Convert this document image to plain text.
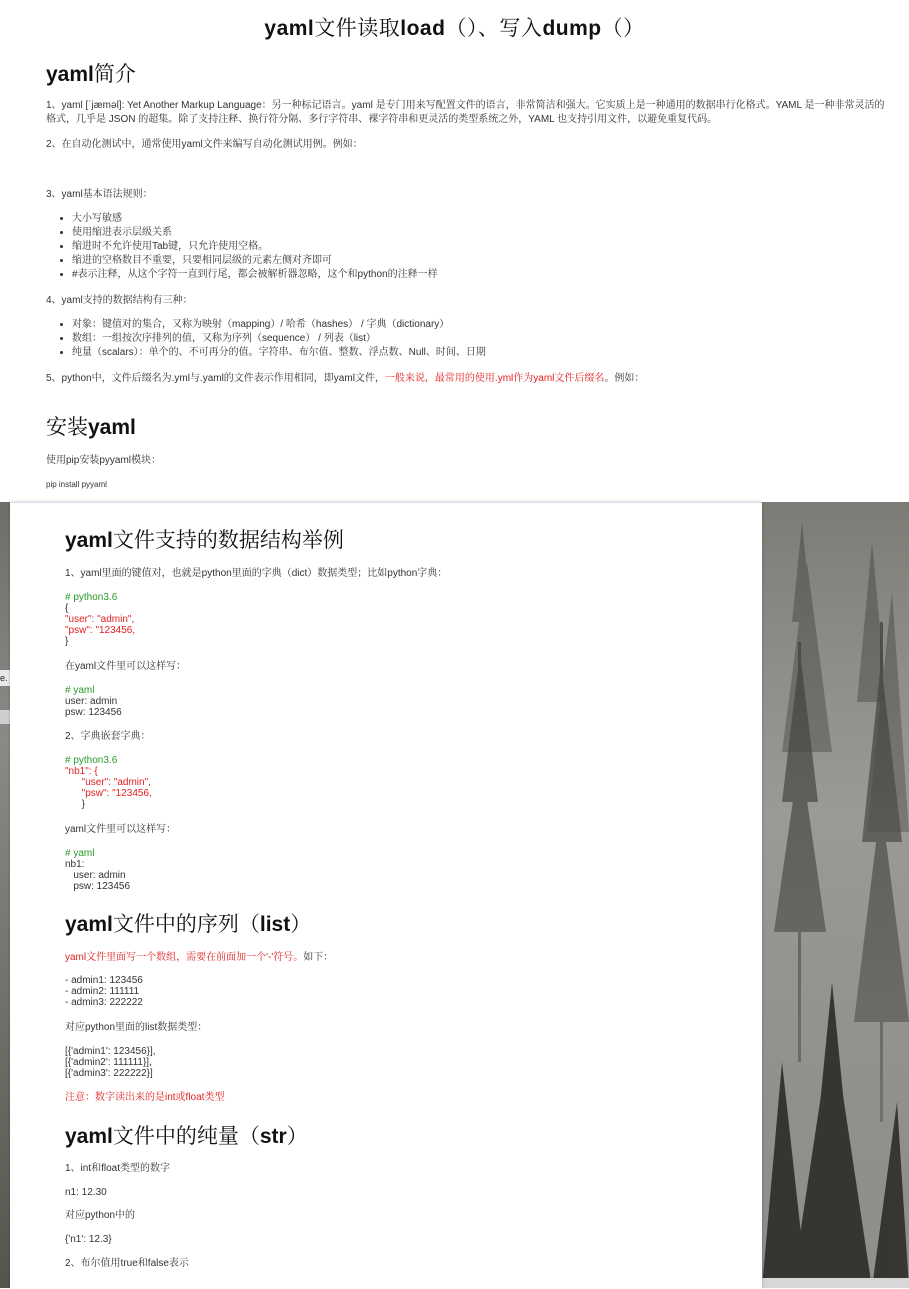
yaml文件读取load（）、写入dump（）
yaml简介

1、yaml [ˈjæməl]: Yet Another Markup Language：另一种标记语言。yaml 是专门用来写配置文件的语言，非常简洁和强大。它实质上是一种通用的数据串行化格式。YAML 是一种非常灵活的格式，几乎是 JSON 的超集。除了支持注释、换行符分隔、多行字符串、裸字符串和更灵活的类型系统之外，YAML 也支持引用文件，以避免重复代码。

2、在自动化测试中，通常使用yaml文件来编写自动化测试用例。例如：

3、yaml基本语法规则：

• 大小写敏感
• 使用缩进表示层级关系
• 缩进时不允许使用Tab键，只允许使用空格。
• 缩进的空格数目不重要，只要相同层级的元素左侧对齐即可
• #表示注释，从这个字符一直到行尾，都会被解析器忽略，这个和python的注释一样

4、yaml支持的数据结构有三种：

• 对象：键值对的集合，又称为映射（mapping）/ 哈希（hashes） / 字典（dictionary）
• 数组：一组按次序排列的值，又称为序列（sequence） / 列表（list）
• 纯量（scalars）：单个的、不可再分的值。字符串、布尔值、整数、浮点数、Null、时间、日期

5、python中，文件后缀名为.yml与.yaml的文件表示作用相同，即yaml文件，一般来说，最常用的使用.yml作为yaml文件后缀名。例如：

安装yaml

使用pip安装pyyaml模块：

pip install pyyaml

e.
yaml文件支持的数据结构举例

1、yaml里面的键值对，也就是python里面的字典（dict）数据类型；比如python字典：

# python3.6
{
"user": "admin",
"psw": "123456,
}

在yaml文件里可以这样写：

# yaml
user: admin
psw: 123456

2、字典嵌套字典：

# python3.6
"nb1": {
"user": "admin",
"psw": "123456,
}

yaml文件里可以这样写：

# yaml
nb1:
user: admin
psw: 123456
yaml文件中的序列（list）

yaml文件里面写一个数组，需要在前面加一个'-'符号。如下：

- admin1: 123456
- admin2: 111111
- admin3: 222222

对应python里面的list数据类型：

[{'admin1': 123456}],
[{'admin2': 111111}],
[{'admin3': 222222}]

注意：数字读出来的是int或float类型

yaml文件中的纯量（str）

1、int和float类型的数字

n1: 12.30

对应python中的

{'n1': 12.3}

2、布尔值用true和false表示
